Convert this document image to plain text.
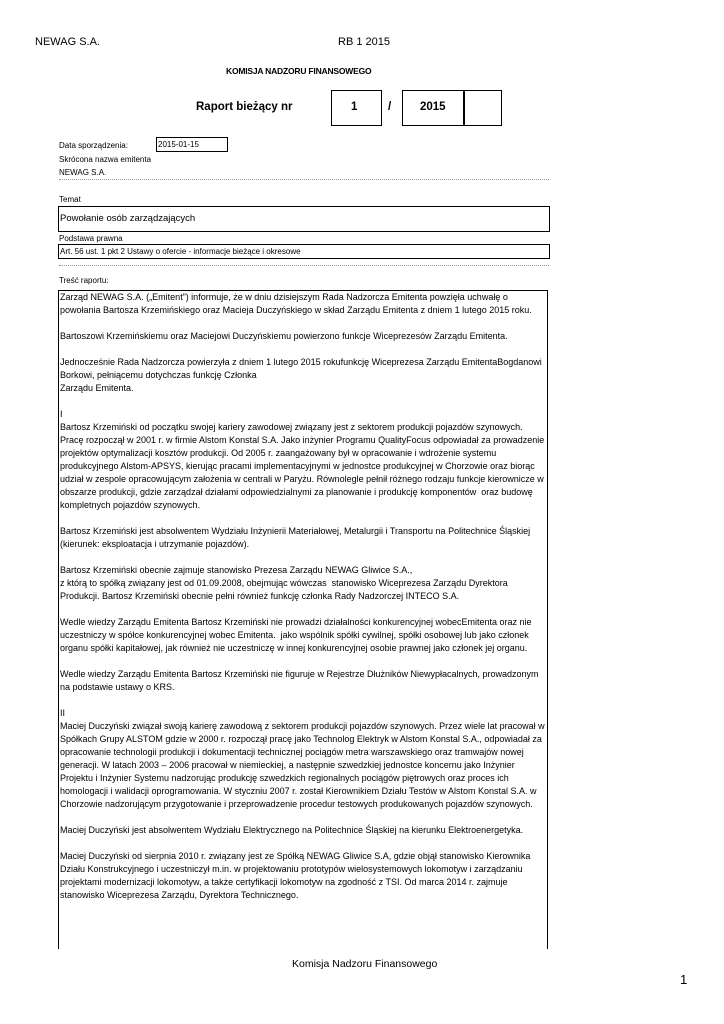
NEWAG S.A.	RB 1 2015
KOMISJA NADZORU FINANSOWEGO
Raport bieżący nr	1	/	2015
Data sporządzenia:	2015-01-15
Skrócona nazwa emitenta
NEWAG S.A.
Temat
Powołanie osób zarządzających
Podstawa prawna
Art. 56 ust. 1 pkt 2 Ustawy o ofercie - informacje bieżące i okresowe
Treść raportu:

Zarząd NEWAG S.A. („Emitent”) informuje, że w dniu dzisiejszym Rada Nadzorcza Emitenta powzięła uchwałę o powołania Bartosza Krzemińskiego oraz Macieja Duczyńskiego w skład Zarządu Emitenta z dniem 1 lutego 2015 roku.

Bartoszowi Krzemińskiemu oraz Maciejowi Duczyńskiemu powierzono funkcje Wiceprezesów Zarządu Emitenta.

Jednocześnie Rada Nadzorcza powierzyła z dniem 1 lutego 2015 rokufunkcję Wiceprezesa Zarządu EmitentaBogdanowi Borkowi, pełniącemu dotychczas funkcję Członka
Zarządu Emitenta.

I
Bartosz Krzemiński od początku swojej kariery zawodowej związany jest z sektorem produkcji pojazdów szynowych. Pracę rozpoczął w 2001 r. w firmie Alstom Konstal S.A. Jako inżynier Programu QualityFocus odpowiadał za prowadzenie projektów optymalizacji kosztów produkcji. Od 2005 r. zaangażowany był w opracowanie i wdrożenie systemu produkcyjnego Alstom-APSYS, kierując pracami implementacyjnymi w jednostce produkcyjnej w Chorzowie oraz biorąc udział w zespole opracowującym założenia w centrali w Paryżu. Równolegle pełnił różnego rodzaju funkcje kierownicze w obszarze produkcji, gdzie zarządzał działami odpowiedzialnymi za planowanie i produkcję komponentów  oraz budowę kompletnych pojazdów szynowych.

Bartosz Krzemiński jest absolwentem Wydziału Inżynierii Materiałowej, Metalurgii i Transportu na Politechnice Śląskiej (kierunek: eksploatacja i utrzymanie pojazdów).

Bartosz Krzemiński obecnie zajmuje stanowisko Prezesa Zarządu NEWAG Gliwice S.A.,
z którą to spółką związany jest od 01.09.2008, obejmując wówczas  stanowisko Wiceprezesa Zarządu Dyrektora Produkcji. Bartosz Krzemiński obecnie pełni również funkcję członka Rady Nadzorczej INTECO S.A.

Wedle wiedzy Zarządu Emitenta Bartosz Krzemiński nie prowadzi działalności konkurencyjnej wobecEmitenta oraz nie uczestniczy w spółce konkurencyjnej wobec Emitenta.  jako wspólnik spółki cywilnej, spółki osobowej lub jako członek organu spółki kapitałowej, jak również nie uczestniczę w innej konkurencyjnej osobie prawnej jako członek jej organu.

Wedle wiedzy Zarządu Emitenta Bartosz Krzemiński nie figuruje w Rejestrze Dłużników Niewypłacalnych, prowadzonym na podstawie ustawy o KRS.

II
Maciej Duczyński związał swoją karierę zawodową z sektorem produkcji pojazdów szynowych. Przez wiele lat pracował w Spółkach Grupy ALSTOM gdzie w 2000 r. rozpoczął pracę jako Technolog Elektryk w Alstom Konstal S.A., odpowiadał za opracowanie technologii produkcji i dokumentacji technicznej pociągów metra warszawskiego oraz tramwajów nowej generacji. W latach 2003 – 2006 pracował w niemieckiej, a następnie szwedzkiej jednostce koncernu jako Inżynier Projektu i Inżynier Systemu nadzorując produkcję szwedzkich regionalnych pociągów piętrowych oraz proces ich homologacji i walidacji oprogramowania. W styczniu 2007 r. został Kierownikiem Działu Testów w Alstom Konstal S.A. w Chorzowie nadzorującym przygotowanie i przeprowadzenie procedur testowych produkowanych pojazdów szynowych.

Maciej Duczyński jest absolwentem Wydziału Elektrycznego na Politechnice Śląskiej na kierunku Elektroenergetyka.

Maciej Duczyński od sierpnia 2010 r. związany jest ze Spółką NEWAG Gliwice S.A, gdzie objął stanowisko Kierownika Działu Konstrukcyjnego i uczestniczył m.in. w projektowaniu prototypów wielosystemowych lokomotyw i zarządzaniu projektami modernizacji lokomotyw, a także certyfikacji lokomotyw na zgodność z TSI. Od marca 2014 r. zajmuje stanowisko Wiceprezesa Zarządu, Dyrektora Technicznego.

Komisja Nadzoru Finansowego
1
